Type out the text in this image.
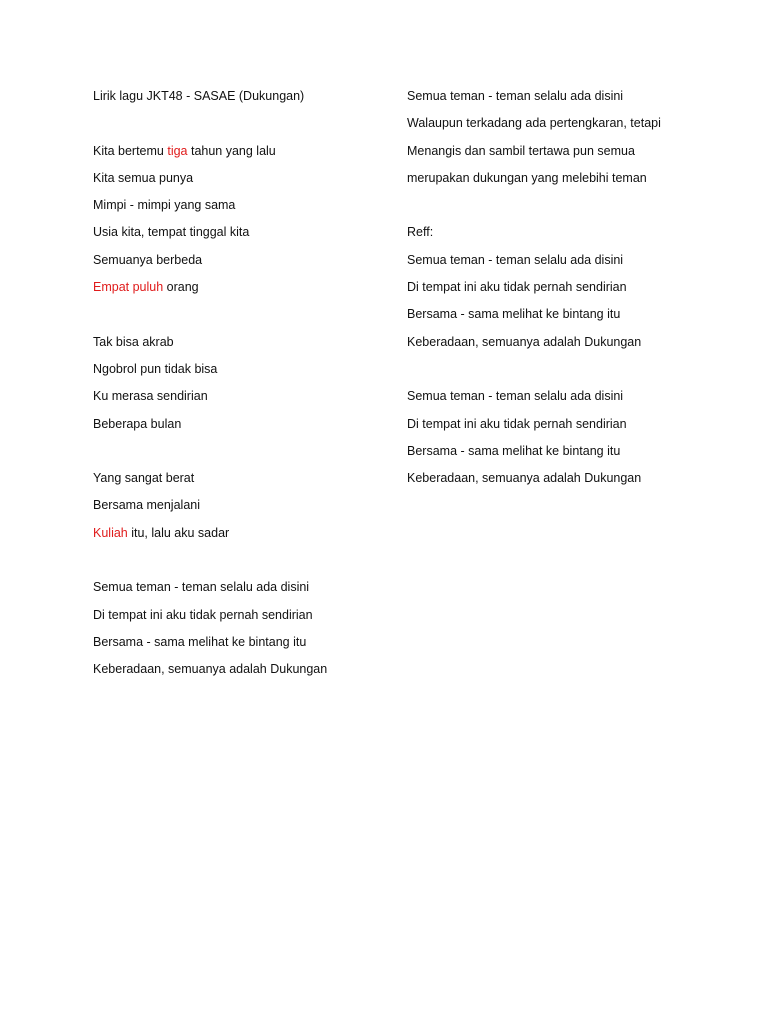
Lirik lagu JKT48 - SASAE (Dukungan)
Kita bertemu tiga tahun yang lalu
Kita semua punya
Mimpi - mimpi yang sama
Usia kita, tempat tinggal kita
Semuanya berbeda
Empat puluh orang
Tak bisa akrab
Ngobrol pun tidak bisa
Ku merasa sendirian
Beberapa bulan
Yang sangat berat
Bersama menjalani
Kuliah itu, lalu aku sadar
Semua teman - teman selalu ada disini
Di tempat ini aku tidak pernah sendirian
Bersama - sama melihat ke bintang itu
Keberadaan, semuanya adalah Dukungan
Semua teman - teman selalu ada disini
Walaupun terkadang ada pertengkaran, tetapi
Menangis dan sambil tertawa pun semua
merupakan dukungan yang melebihi teman
Reff:
Semua teman - teman selalu ada disini
Di tempat ini aku tidak pernah sendirian
Bersama - sama melihat ke bintang itu
Keberadaan, semuanya adalah Dukungan
Semua teman - teman selalu ada disini
Di tempat ini aku tidak pernah sendirian
Bersama - sama melihat ke bintang itu
Keberadaan, semuanya adalah Dukungan
